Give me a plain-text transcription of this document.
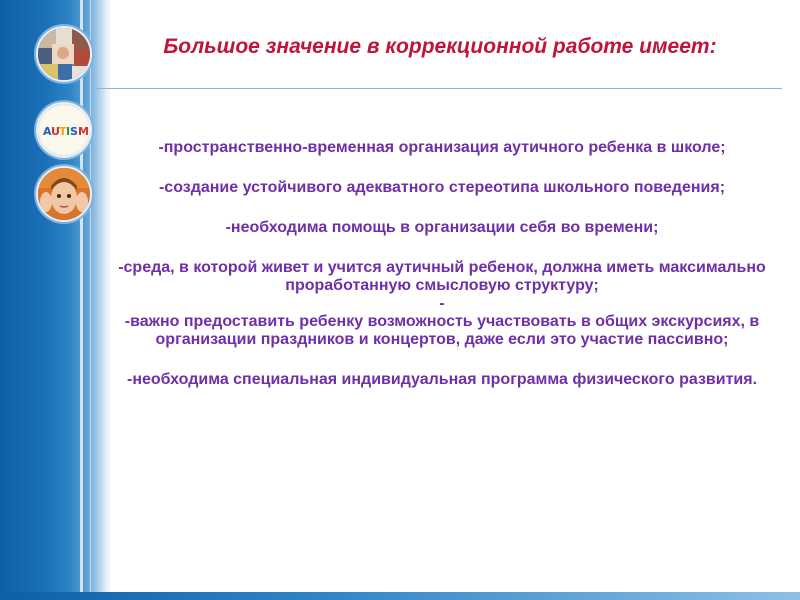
A U T I S M
Большое значение в коррекционной работе имеет:

-пространственно-временная организация аутичного ребенка в школе;

-создание устойчивого адекватного стереотипа школьного поведения;

-необходима помощь в организации себя во времени;

-среда, в которой живет и учится аутичный ребенок, должна иметь максимально проработанную смысловую структуру;

-

-важно предоставить ребенку возможность участвовать в общих экскурсиях, в организации праздников и концертов, даже если это участие пассивно;

-необходима специальная индивидуальная программа физического развития.
